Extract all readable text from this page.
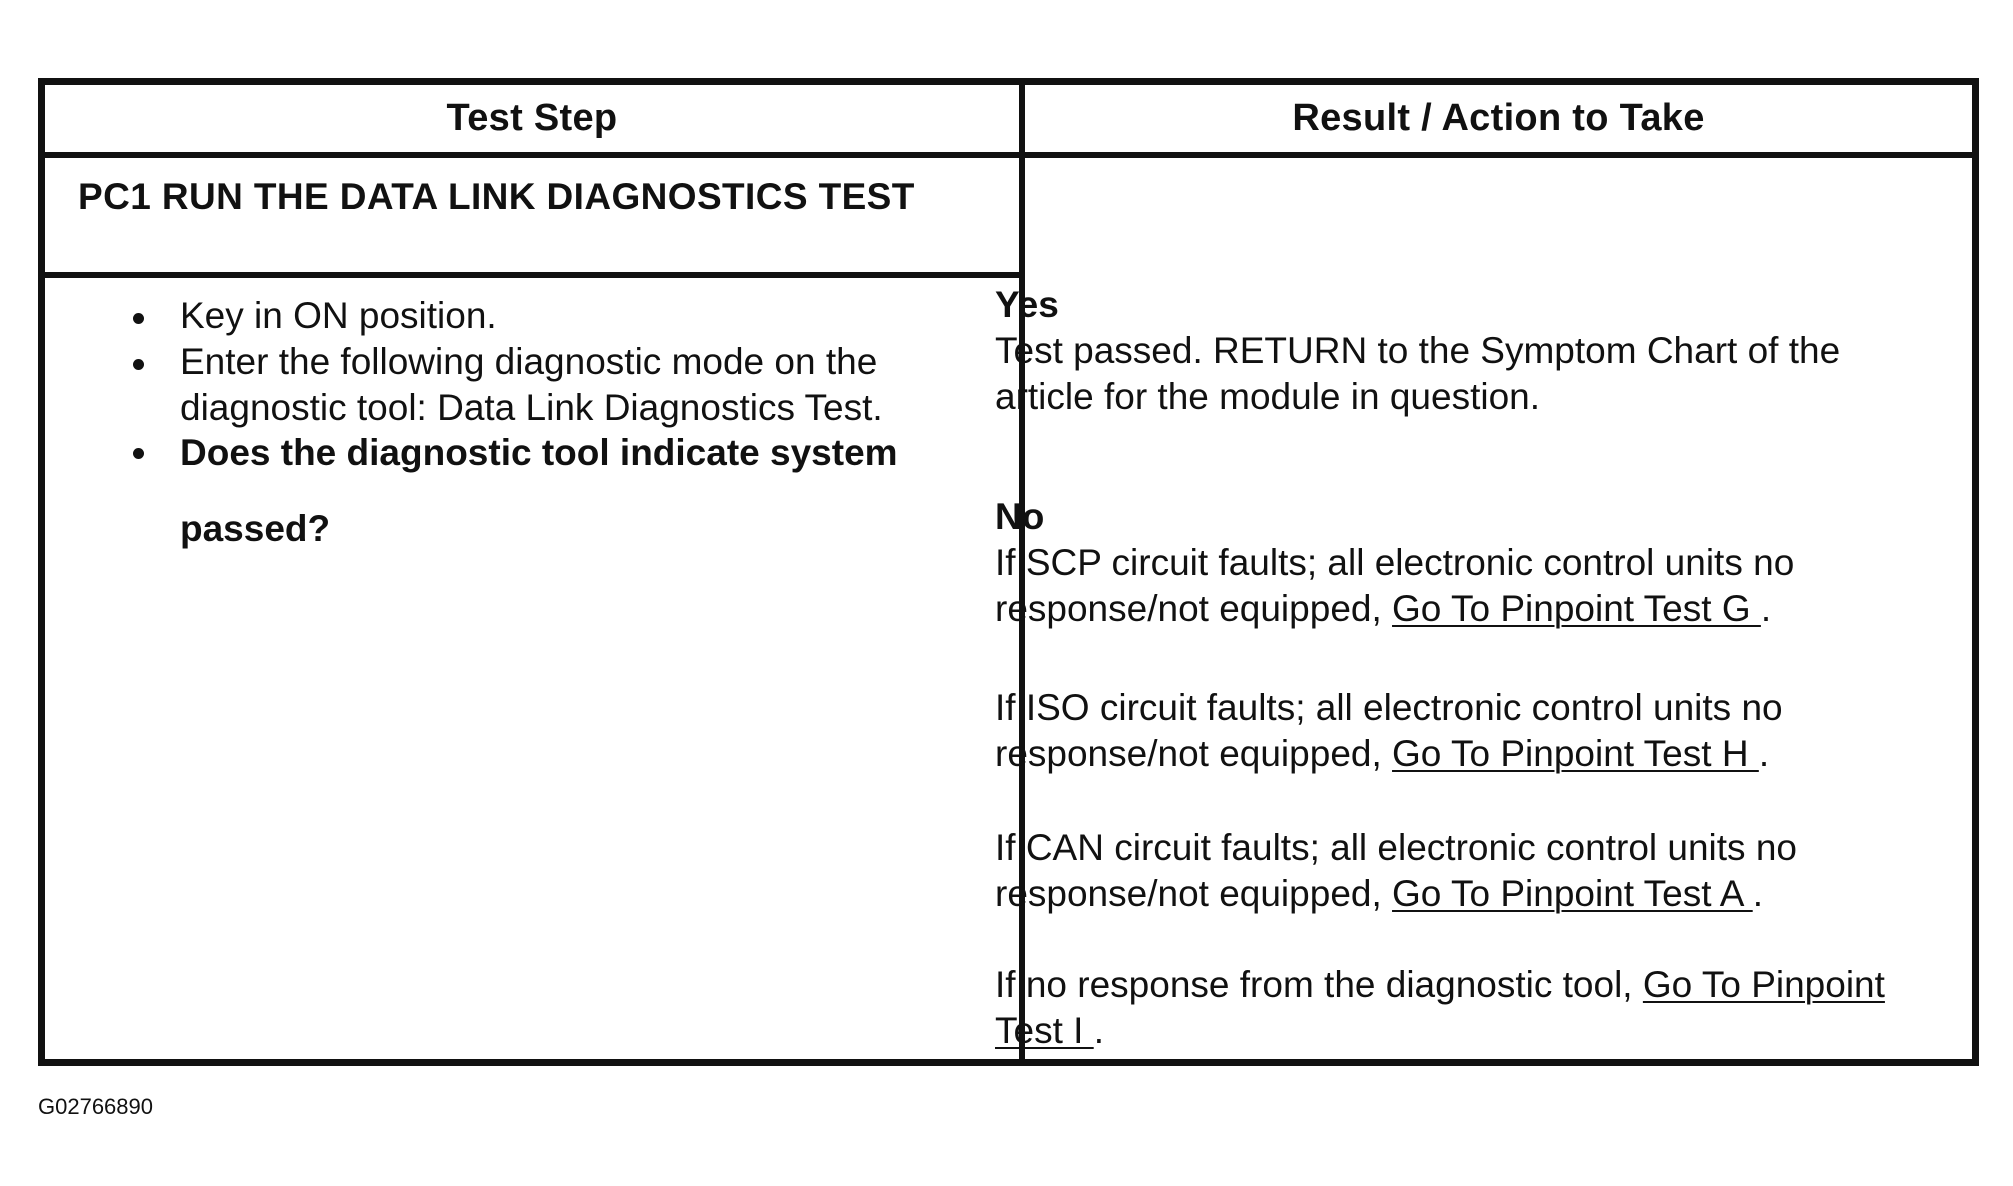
Test Step	Result / Action to Take
PC1 RUN THE DATA LINK DIAGNOSTICS TEST
Key in ON position.
Enter the following diagnostic mode on the diagnostic tool: Data Link Diagnostics Test.
Does the diagnostic tool indicate system passed?
Yes
Test passed. RETURN to the Symptom Chart of the article for the module in question.
No
If SCP circuit faults; all electronic control units no response/not equipped, Go To Pinpoint Test G .
If ISO circuit faults; all electronic control units no response/not equipped, Go To Pinpoint Test H .
If CAN circuit faults; all electronic control units no response/not equipped, Go To Pinpoint Test A .
If no response from the diagnostic tool, Go To Pinpoint Test I .
G02766890
